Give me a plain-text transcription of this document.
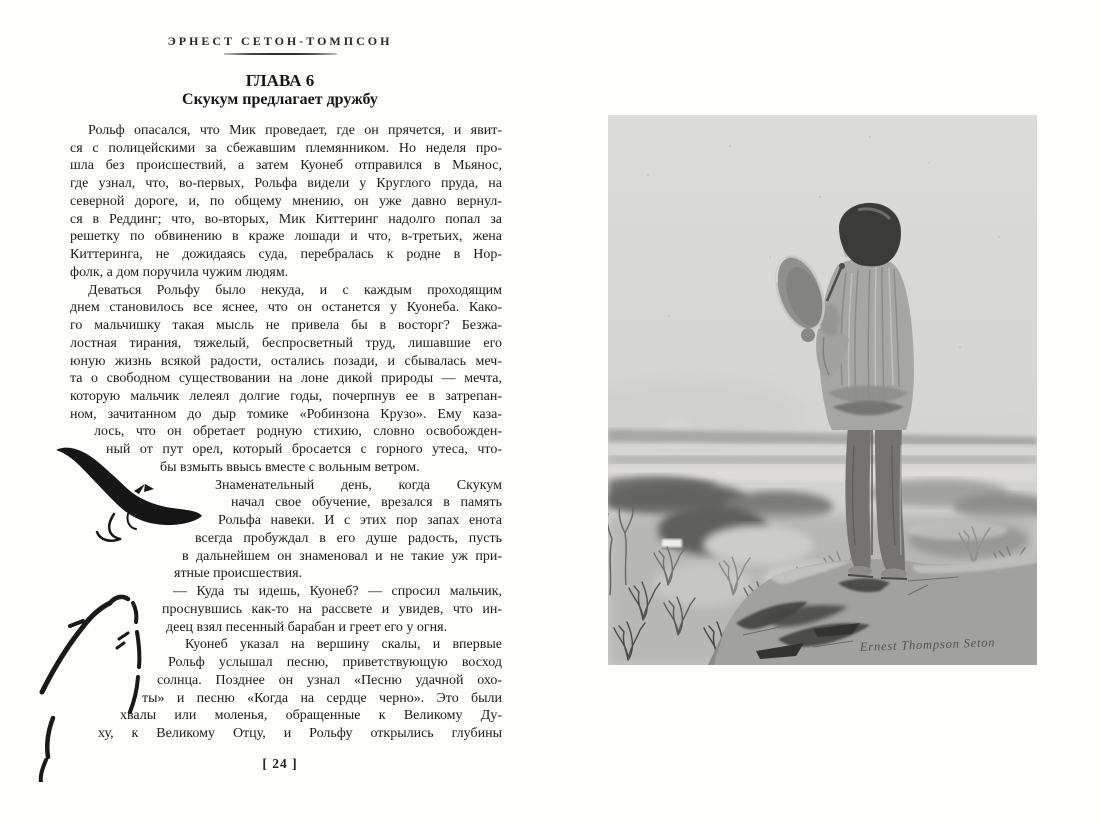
ЭРНЕСТ СЕТОН-ТОМПСОН
ГЛАВА 6
Скукум предлагает дружбу
Рольф опасался, что Мик проведает, где он прячется, и явит-
ся с полицейскими за сбежавшим племянником. Но неделя про-
шла без происшествий, а затем Куонеб отправился в Мьянос,
где узнал, что, во-первых, Рольфа видели у Круглого пруда, на
северной дороге, и, по общему мнению, он уже давно вернул-
ся в Реддинг; что, во-вторых, Мик Киттеринг надолго попал за
решетку по обвинению в краже лошади и что, в-третьих, жена
Киттеринга, не дожидаясь суда, перебралась к родне в Нор-
фолк, а дом поручила чужим людям.
Деваться Рольфу было некуда, и с каждым проходящим
днем становилось все яснее, что он останется у Куонеба. Како-
го мальчишку такая мысль не привела бы в восторг? Безжа-
лостная тирания, тяжелый, беспросветный труд, лишавшие его
юную жизнь всякой радости, остались позади, и сбывалась меч-
та о свободном существовании на лоне дикой природы — мечта,
которую мальчик лелеял долгие годы, почерпнув ее в затрепан-
ном, зачитанном до дыр томике «Робинзона Крузо». Ему каза-
лось, что он обретает родную стихию, словно освобожден-
ный от пут орел, который бросается с горного утеса, что-
бы взмыть ввысь вместе с вольным ветром.
Знаменательный день, когда Скукум
начал свое обучение, врезался в память
Рольфа навеки. И с этих пор запах енота
всегда пробуждал в его душе радость, пусть
в дальнейшем он знаменовал и не такие уж при-
ятные происшествия.
— Куда ты идешь, Куонеб? — спросил мальчик,
проснувшись как-то на рассвете и увидев, что ин-
деец взял песенный барабан и греет его у огня.
Куонеб указал на вершину скалы, и впервые
Рольф услышал песню, приветствующую восход
солнца. Позднее он узнал «Песню удачной охо-
ты» и песню «Когда на сердце черно». Это были
хвалы или моленья, обращенные к Великому Ду-
ху, к Великому Отцу, и Рольфу открылись глубины
[ 24 ]
Ernest Thompson Seton
